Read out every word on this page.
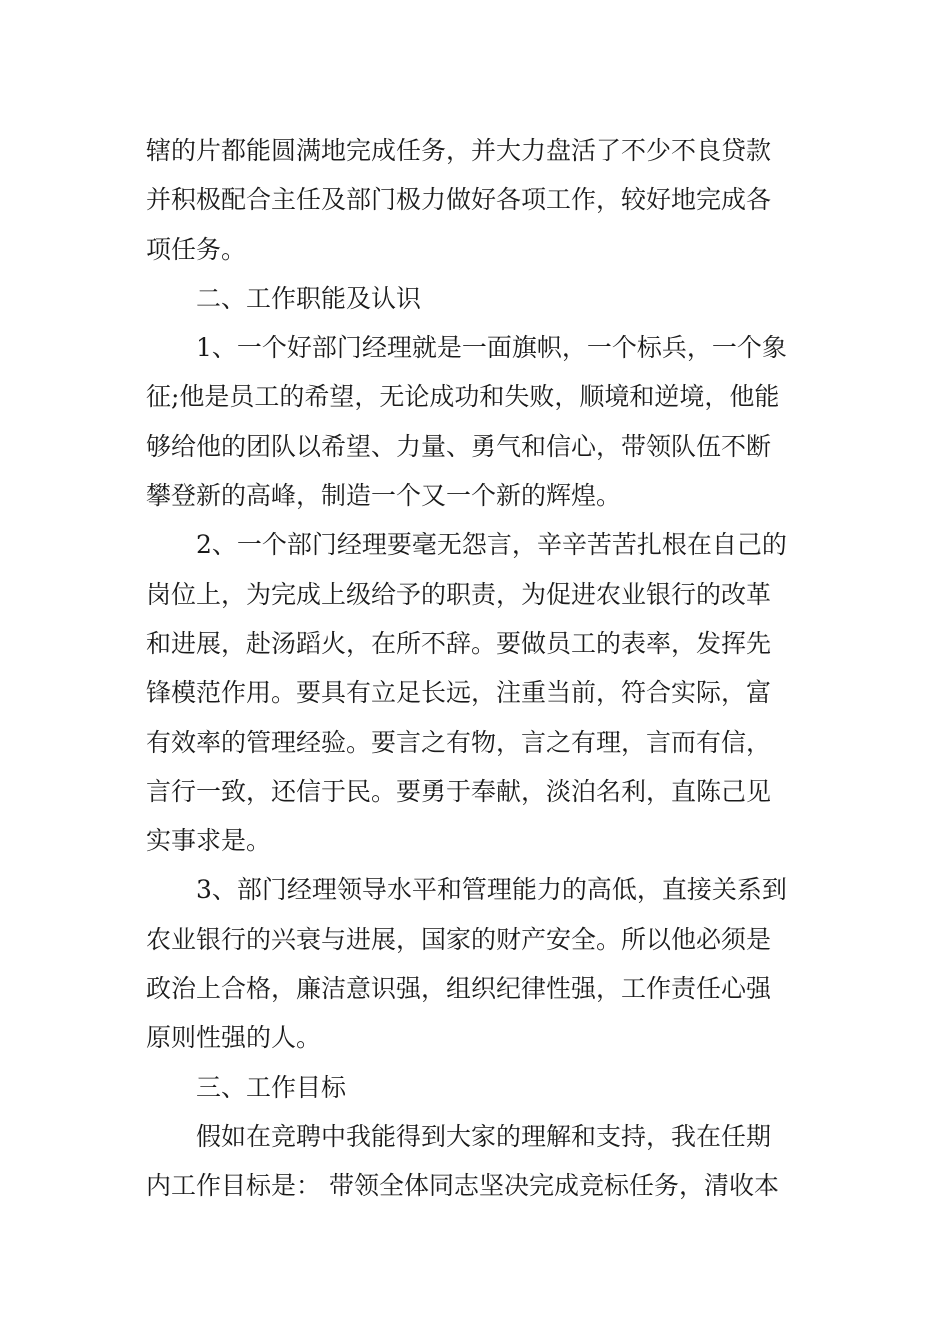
辖的片都能圆满地完成任务，并大力盘活了不少不良贷款
并积极配合主任及部门极力做好各项工作，较好地完成各
项任务。
二、工作职能及认识
1、一个好部门经理就是一面旗帜，一个标兵，一个象
征;他是员工的希望，无论成功和失败，顺境和逆境，他能
够给他的团队以希望、力量、勇气和信心，带领队伍不断
攀登新的高峰，制造一个又一个新的辉煌。
2、一个部门经理要毫无怨言，辛辛苦苦扎根在自己的
岗位上，为完成上级给予的职责，为促进农业银行的改革
和进展，赴汤蹈火，在所不辞。要做员工的表率，发挥先
锋模范作用。要具有立足长远，注重当前，符合实际，富
有效率的管理经验。要言之有物，言之有理，言而有信，
言行一致，还信于民。要勇于奉献，淡泊名利，直陈己见
实事求是。
3、部门经理领导水平和管理能力的高低，直接关系到
农业银行的兴衰与进展，国家的财产安全。所以他必须是
政治上合格，廉洁意识强，组织纪律性强，工作责任心强
原则性强的人。
三、工作目标
假如在竞聘中我能得到大家的理解和支持，我在任期
内工作目标是： 带领全体同志坚决完成竞标任务，清收本
